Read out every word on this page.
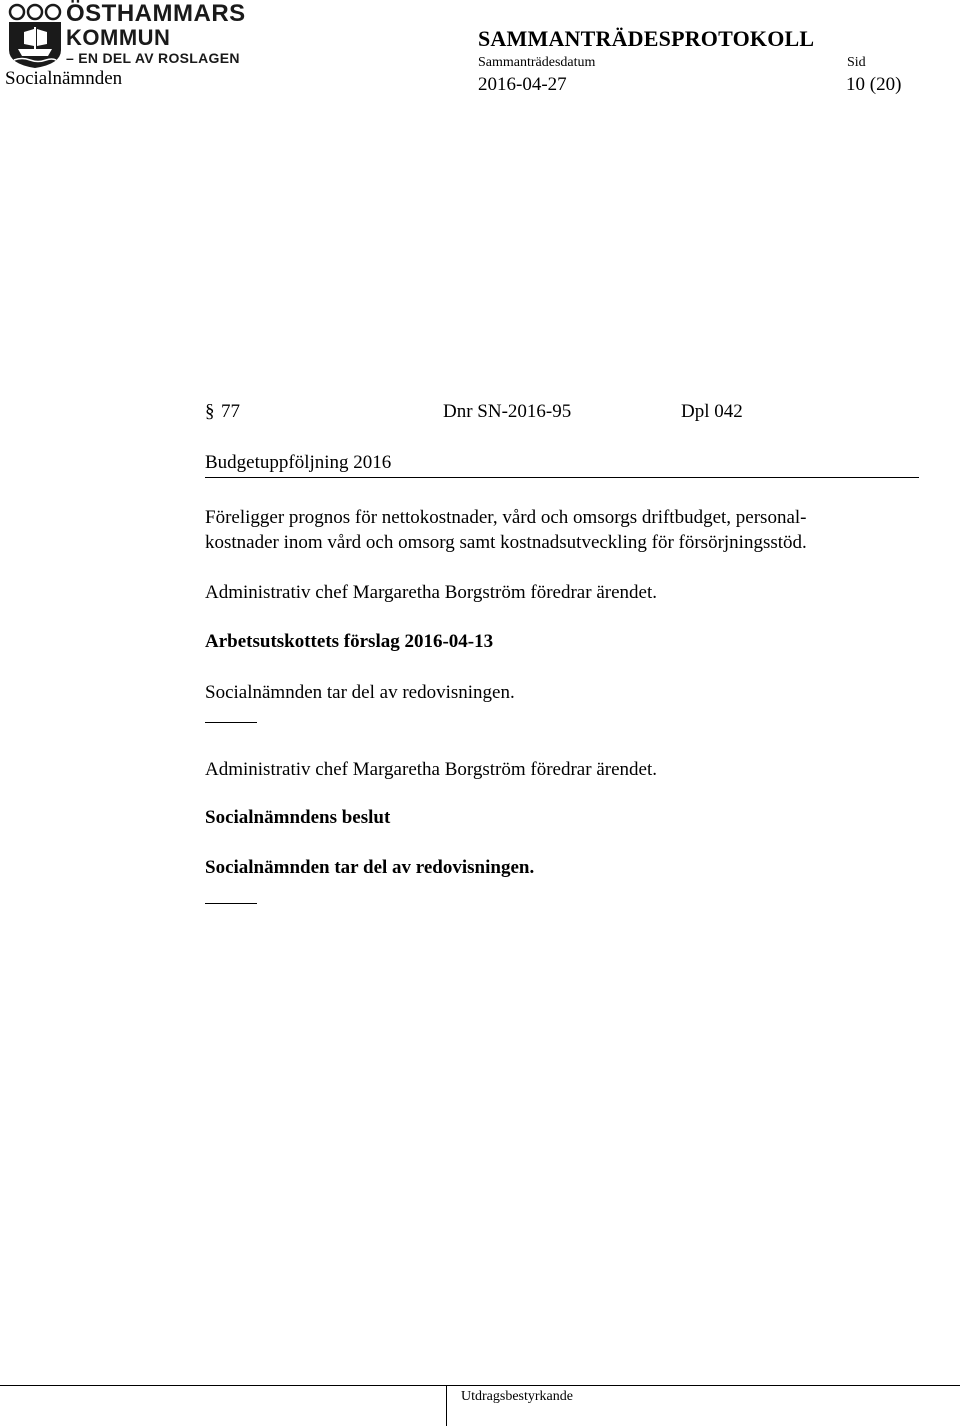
ÖSTHAMMARS
KOMMUN
– EN DEL AV ROSLAGEN
Socialnämnden
SAMMANTRÄDESPROTOKOLL
Sammanträdesdatum	Sid
2016-04-27	10 (20)
§ 77	Dnr SN-2016-95	Dpl 042
Budgetuppföljning 2016
Föreligger prognos för nettokostnader, vård och omsorgs driftbudget, personal-
kostnader inom vård och omsorg samt kostnadsutveckling för försörjningsstöd.
Administrativ chef Margaretha Borgström föredrar ärendet.
Arbetsutskottets förslag 2016-04-13
Socialnämnden tar del av redovisningen.
Administrativ chef Margaretha Borgström föredrar ärendet.
Socialnämndens beslut
Socialnämnden tar del av redovisningen.
Utdragsbestyrkande
